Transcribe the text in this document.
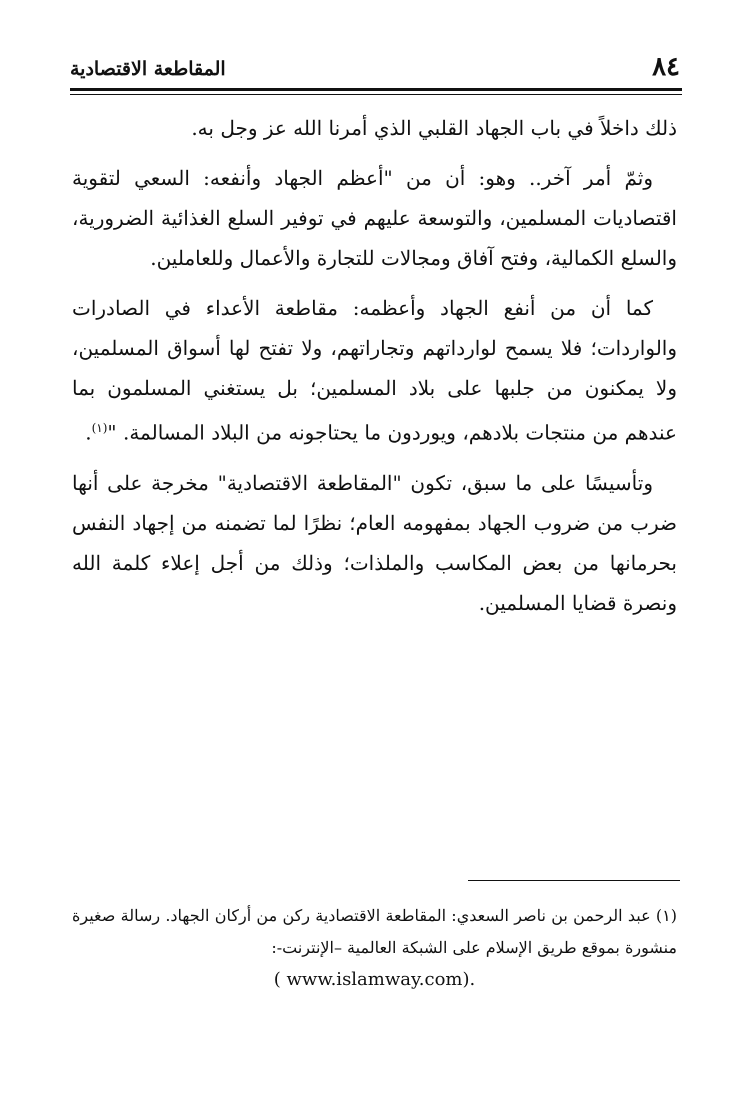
٨٤
المقاطعة الاقتصادية

ذلك داخلاً في باب الجهاد القلبي الذي أمرنا الله عز وجل به.

وثمّ أمر آخر.. وهو: أن من "أعظم الجهاد وأنفعه: السعي لتقوية اقتصاديات المسلمين، والتوسعة عليهم في توفير السلع الغذائية الضرورية، والسلع الكمالية، وفتح آفاق ومجالات للتجارة والأعمال وللعاملين.

كما أن من أنفع الجهاد وأعظمه: مقاطعة الأعداء في الصادرات والواردات؛ فلا يسمح لوارداتهم وتجاراتهم، ولا تفتح لها أسواق المسلمين، ولا يمكنون من جلبها على بلاد المسلمين؛ بل يستغني المسلمون بما عندهم من منتجات بلادهم، ويوردون ما يحتاجونه من البلاد المسالمة. "$^{(١)}$.

وتأسيسًا على ما سبق، تكون "المقاطعة الاقتصادية" مخرجة على أنها ضرب من ضروب الجهاد بمفهومه العام؛ نظرًا لما تضمنه من إجهاد النفس بحرمانها من بعض المكاسب والملذات؛ وذلك من أجل إعلاء كلمة الله ونصرة قضايا المسلمين.

(١) عبد الرحمن بن ناصر السعدي: المقاطعة الاقتصادية ركن من أركان الجهاد. رسالة صغيرة منشورة بموقع طريق الإسلام على الشبكة العالمية –الإنترنت-:

.(www.islamway.com )
